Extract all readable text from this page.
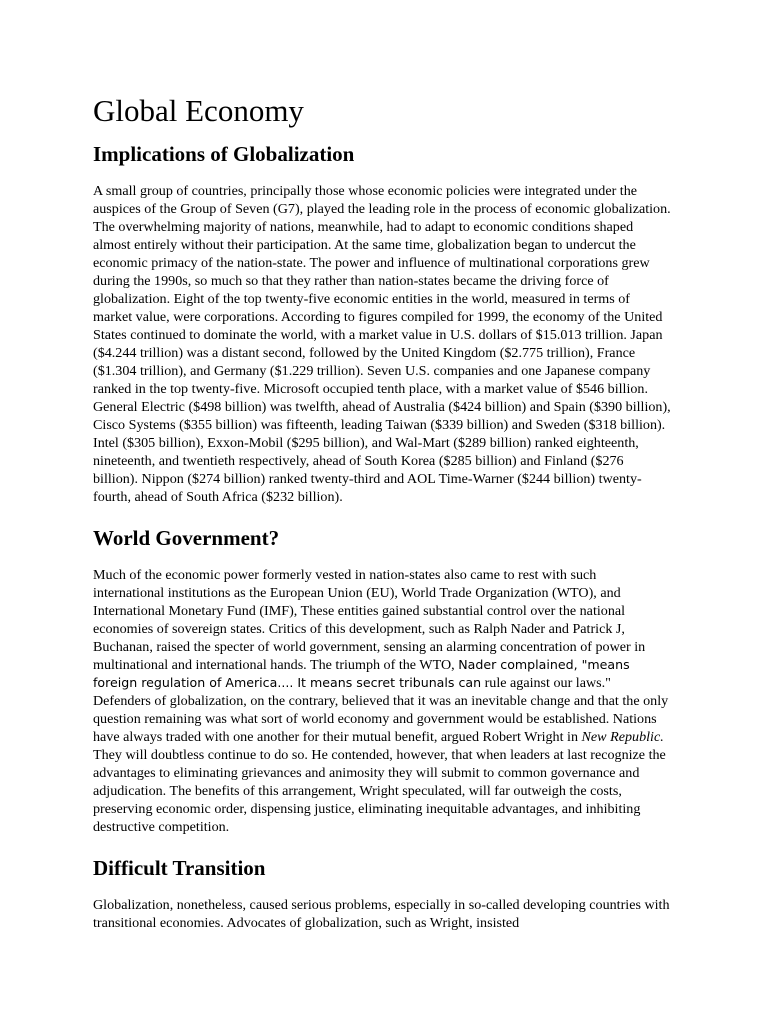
Global Economy
Implications of Globalization

A small group of countries, principally those whose economic policies were integrated under the auspices of the Group of Seven (G7), played the leading role in the process of economic globalization. The overwhelming majority of nations, meanwhile, had to adapt to economic conditions shaped almost entirely without their participation. At the same time, globalization began to undercut the economic primacy of the nation-state. The power and influence of multinational corporations grew during the 1990s, so much so that they rather than nation-states became the driving force of globalization. Eight of the top twenty-five economic entities in the world, measured in terms of market value, were corporations. According to figures compiled for 1999, the economy of the United States continued to dominate the world, with a market value in U.S. dollars of $15.013 trillion. Japan ($4.244 trillion) was a distant second, followed by the United Kingdom ($2.775 trillion), France ($1.304 trillion), and Germany ($1.229 trillion). Seven U.S. companies and one Japanese company ranked in the top twenty-five. Microsoft occupied tenth place, with a market value of $546 billion. General Electric ($498 billion) was twelfth, ahead of Australia ($424 billion) and Spain ($390 billion), Cisco Systems ($355 billion) was fifteenth, leading Taiwan ($339 billion) and Sweden ($318 billion). Intel ($305 billion), Exxon-Mobil ($295 billion), and Wal-Mart ($289 billion) ranked eighteenth, nineteenth, and twentieth respectively, ahead of South Korea ($285 billion) and Finland ($276 billion). Nippon ($274 billion) ranked twenty-third and AOL Time-Warner ($244 billion) twenty-fourth, ahead of South Africa ($232 billion).

World Government?

Much of the economic power formerly vested in nation-states also came to rest with such international institutions as the European Union (EU), World Trade Organization (WTO), and International Monetary Fund (IMF), These entities gained substantial control over the national economies of sovereign states. Critics of this development, such as Ralph Nader and Patrick J, Buchanan, raised the specter of world government, sensing an alarming concentration of power in multinational and international hands. The triumph of the WTO, Nader complained, "means foreign regulation of America.... It means secret tribunals can rule against our laws." Defenders of globalization, on the contrary, believed that it was an inevitable change and that the only question remaining was what sort of world economy and government would be established. Nations have always traded with one another for their mutual benefit, argued Robert Wright in New Republic. They will doubtless continue to do so. He contended, however, that when leaders at last recognize the advantages to eliminating grievances and animosity they will submit to common governance and adjudication. The benefits of this arrangement, Wright speculated, will far outweigh the costs, preserving economic order, dispensing justice, eliminating inequitable advantages, and inhibiting destructive competition.

Difficult Transition

Globalization, nonetheless, caused serious problems, especially in so-called developing countries with transitional economies. Advocates of globalization, such as Wright, insisted
